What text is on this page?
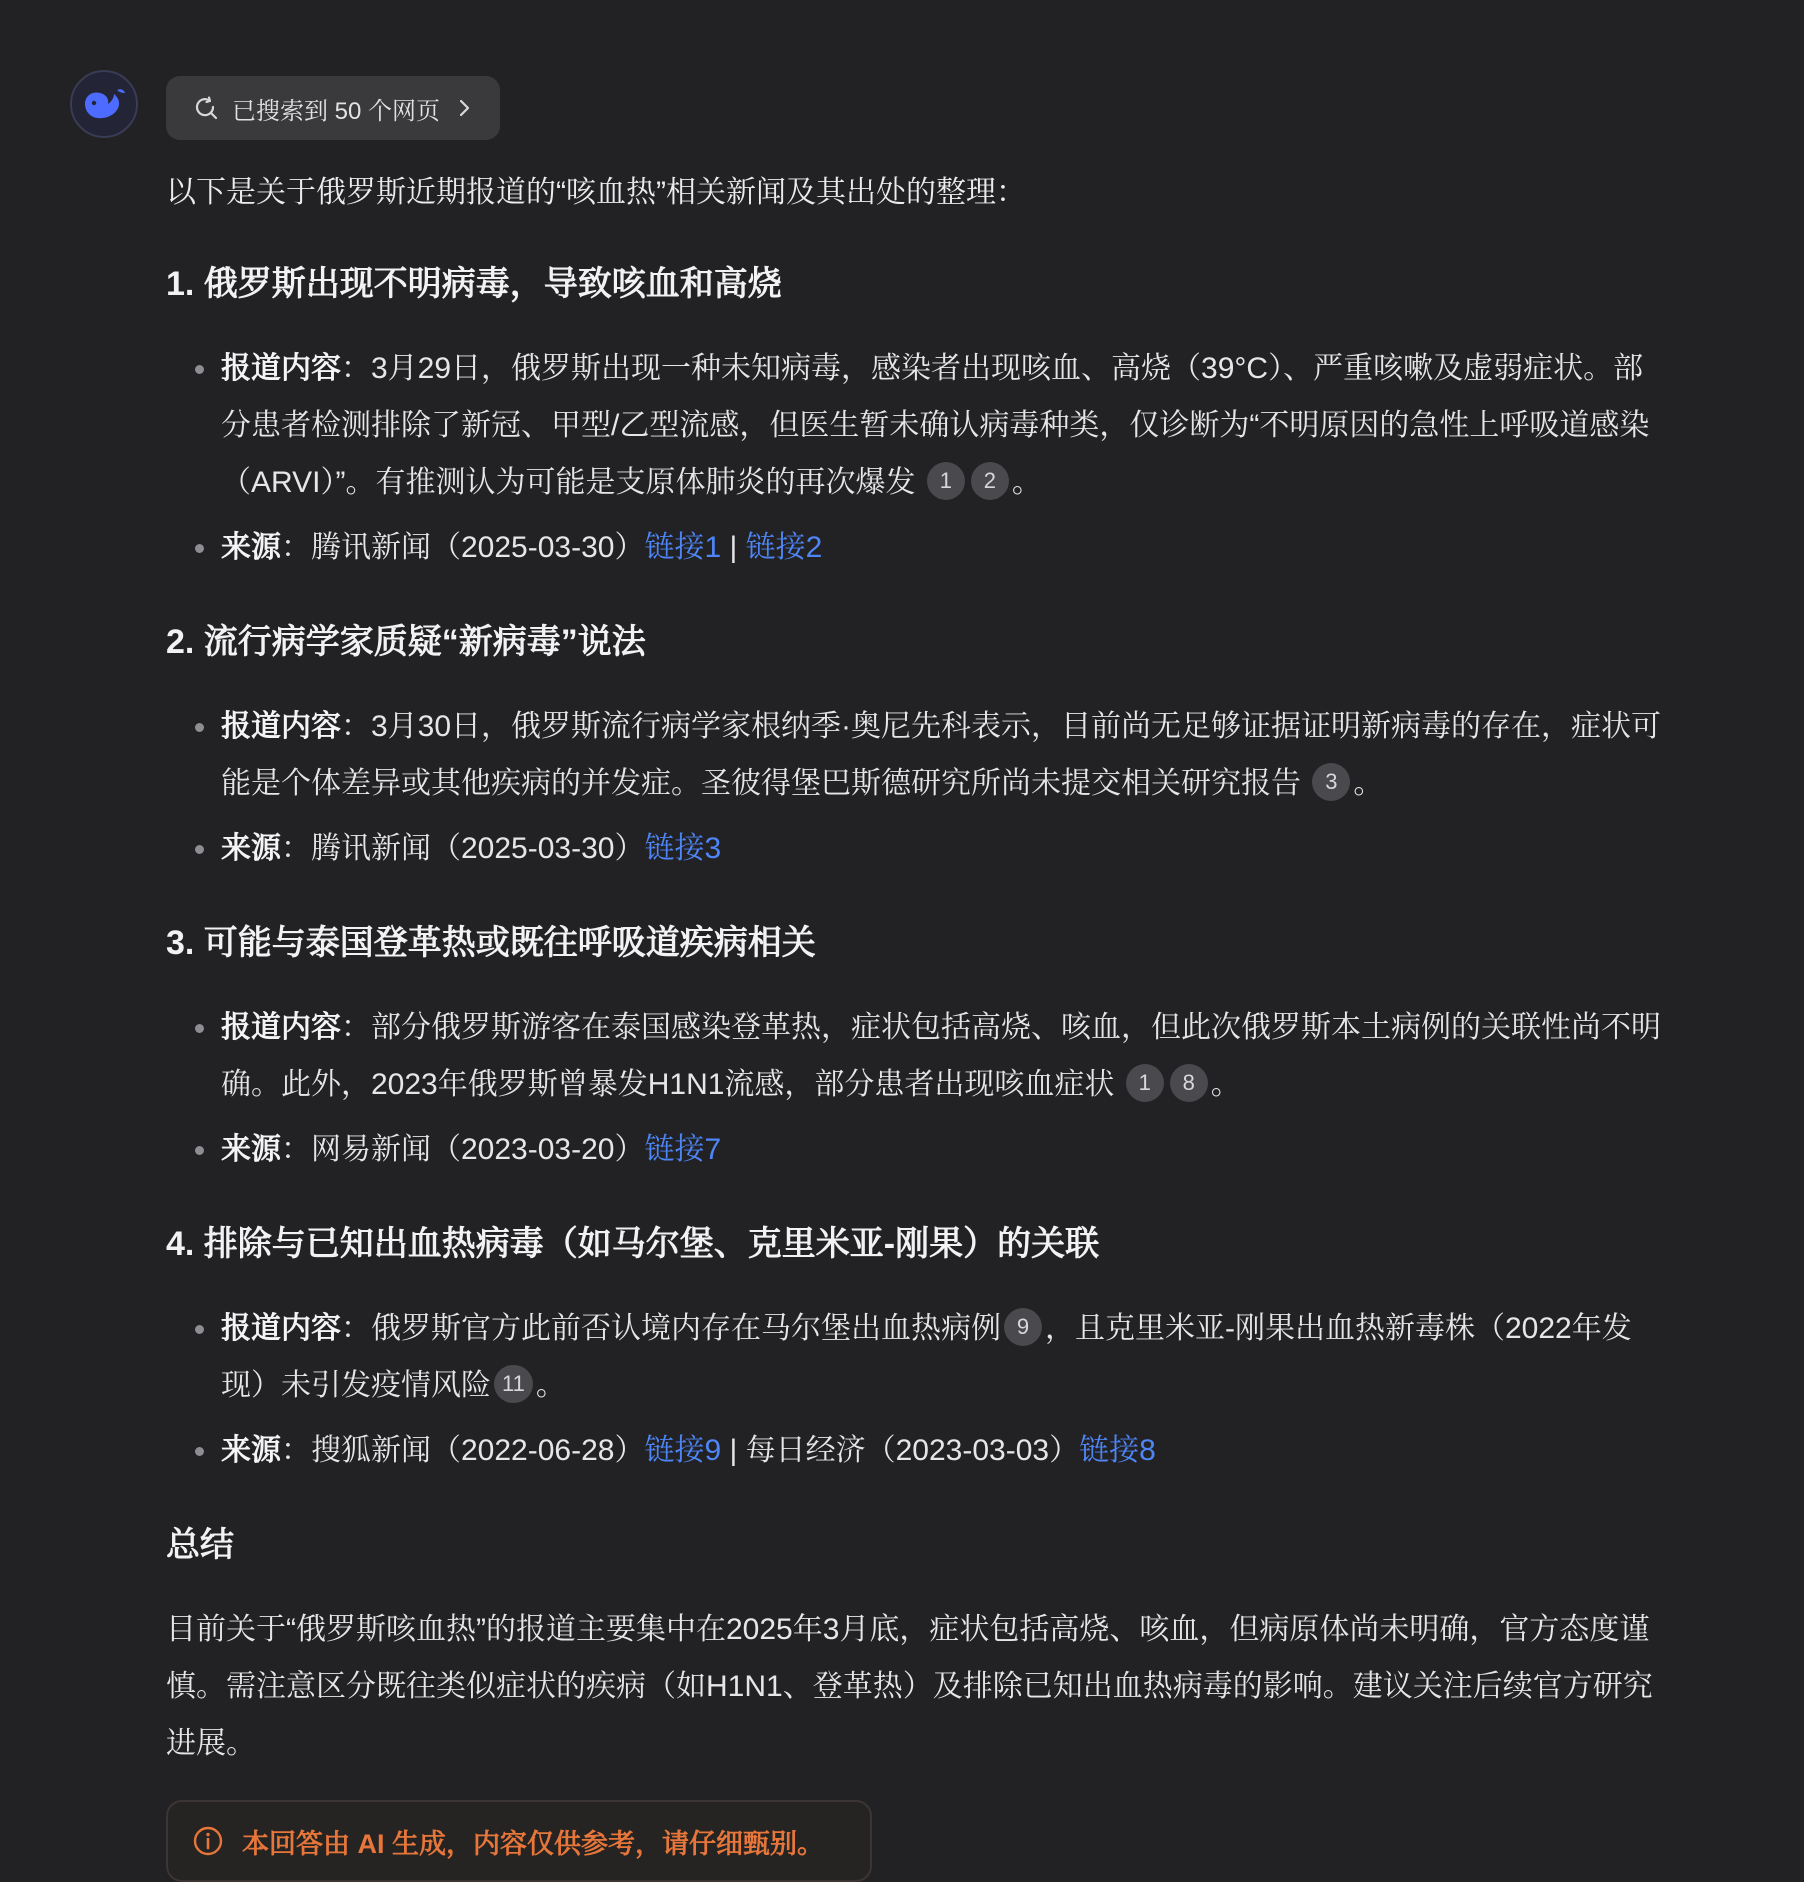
已搜索到 50 个网页

以下是关于俄罗斯近期报道的“咳血热”相关新闻及其出处的整理：

1. 俄罗斯出现不明病毒，导致咳血和高烧
报道内容：3月29日，俄罗斯出现一种未知病毒，感染者出现咳血、高烧（39°C）、严重咳嗽及虚弱症状。部分患者检测排除了新冠、甲型/乙型流感，但医生暂未确认病毒种类，仅诊断为“不明原因的急性上呼吸道感染（ARVI）”。有推测认为可能是支原体肺炎的再次爆发 1 2 。
来源：腾讯新闻（2025-03-30）链接1 | 链接2
2. 流行病学家质疑“新病毒”说法
报道内容：3月30日，俄罗斯流行病学家根纳季·奥尼先科表示，目前尚无足够证据证明新病毒的存在，症状可能是个体差异或其他疾病的并发症。圣彼得堡巴斯德研究所尚未提交相关研究报告 3 。
来源：腾讯新闻（2025-03-30）链接3
3. 可能与泰国登革热或既往呼吸道疾病相关
报道内容：部分俄罗斯游客在泰国感染登革热，症状包括高烧、咳血，但此次俄罗斯本土病例的关联性尚不明确。此外，2023年俄罗斯曾暴发H1N1流感，部分患者出现咳血症状 1 8 。
来源：网易新闻（2023-03-20）链接7
4. 排除与已知出血热病毒（如马尔堡、克里米亚-刚果）的关联
报道内容：俄罗斯官方此前否认境内存在马尔堡出血热病例 9 ，且克里米亚-刚果出血热新毒株（2022年发现）未引发疫情风险 11 。
来源：搜狐新闻（2022-06-28）链接9 | 每日经济（2023-03-03）链接8
总结

目前关于“俄罗斯咳血热”的报道主要集中在2025年3月底，症状包括高烧、咳血，但病原体尚未明确，官方态度谨慎。需注意区分既往类似症状的疾病（如H1N1、登革热）及排除已知出血热病毒的影响。建议关注后续官方研究进展。

本回答由 AI 生成，内容仅供参考，请仔细甄别。
